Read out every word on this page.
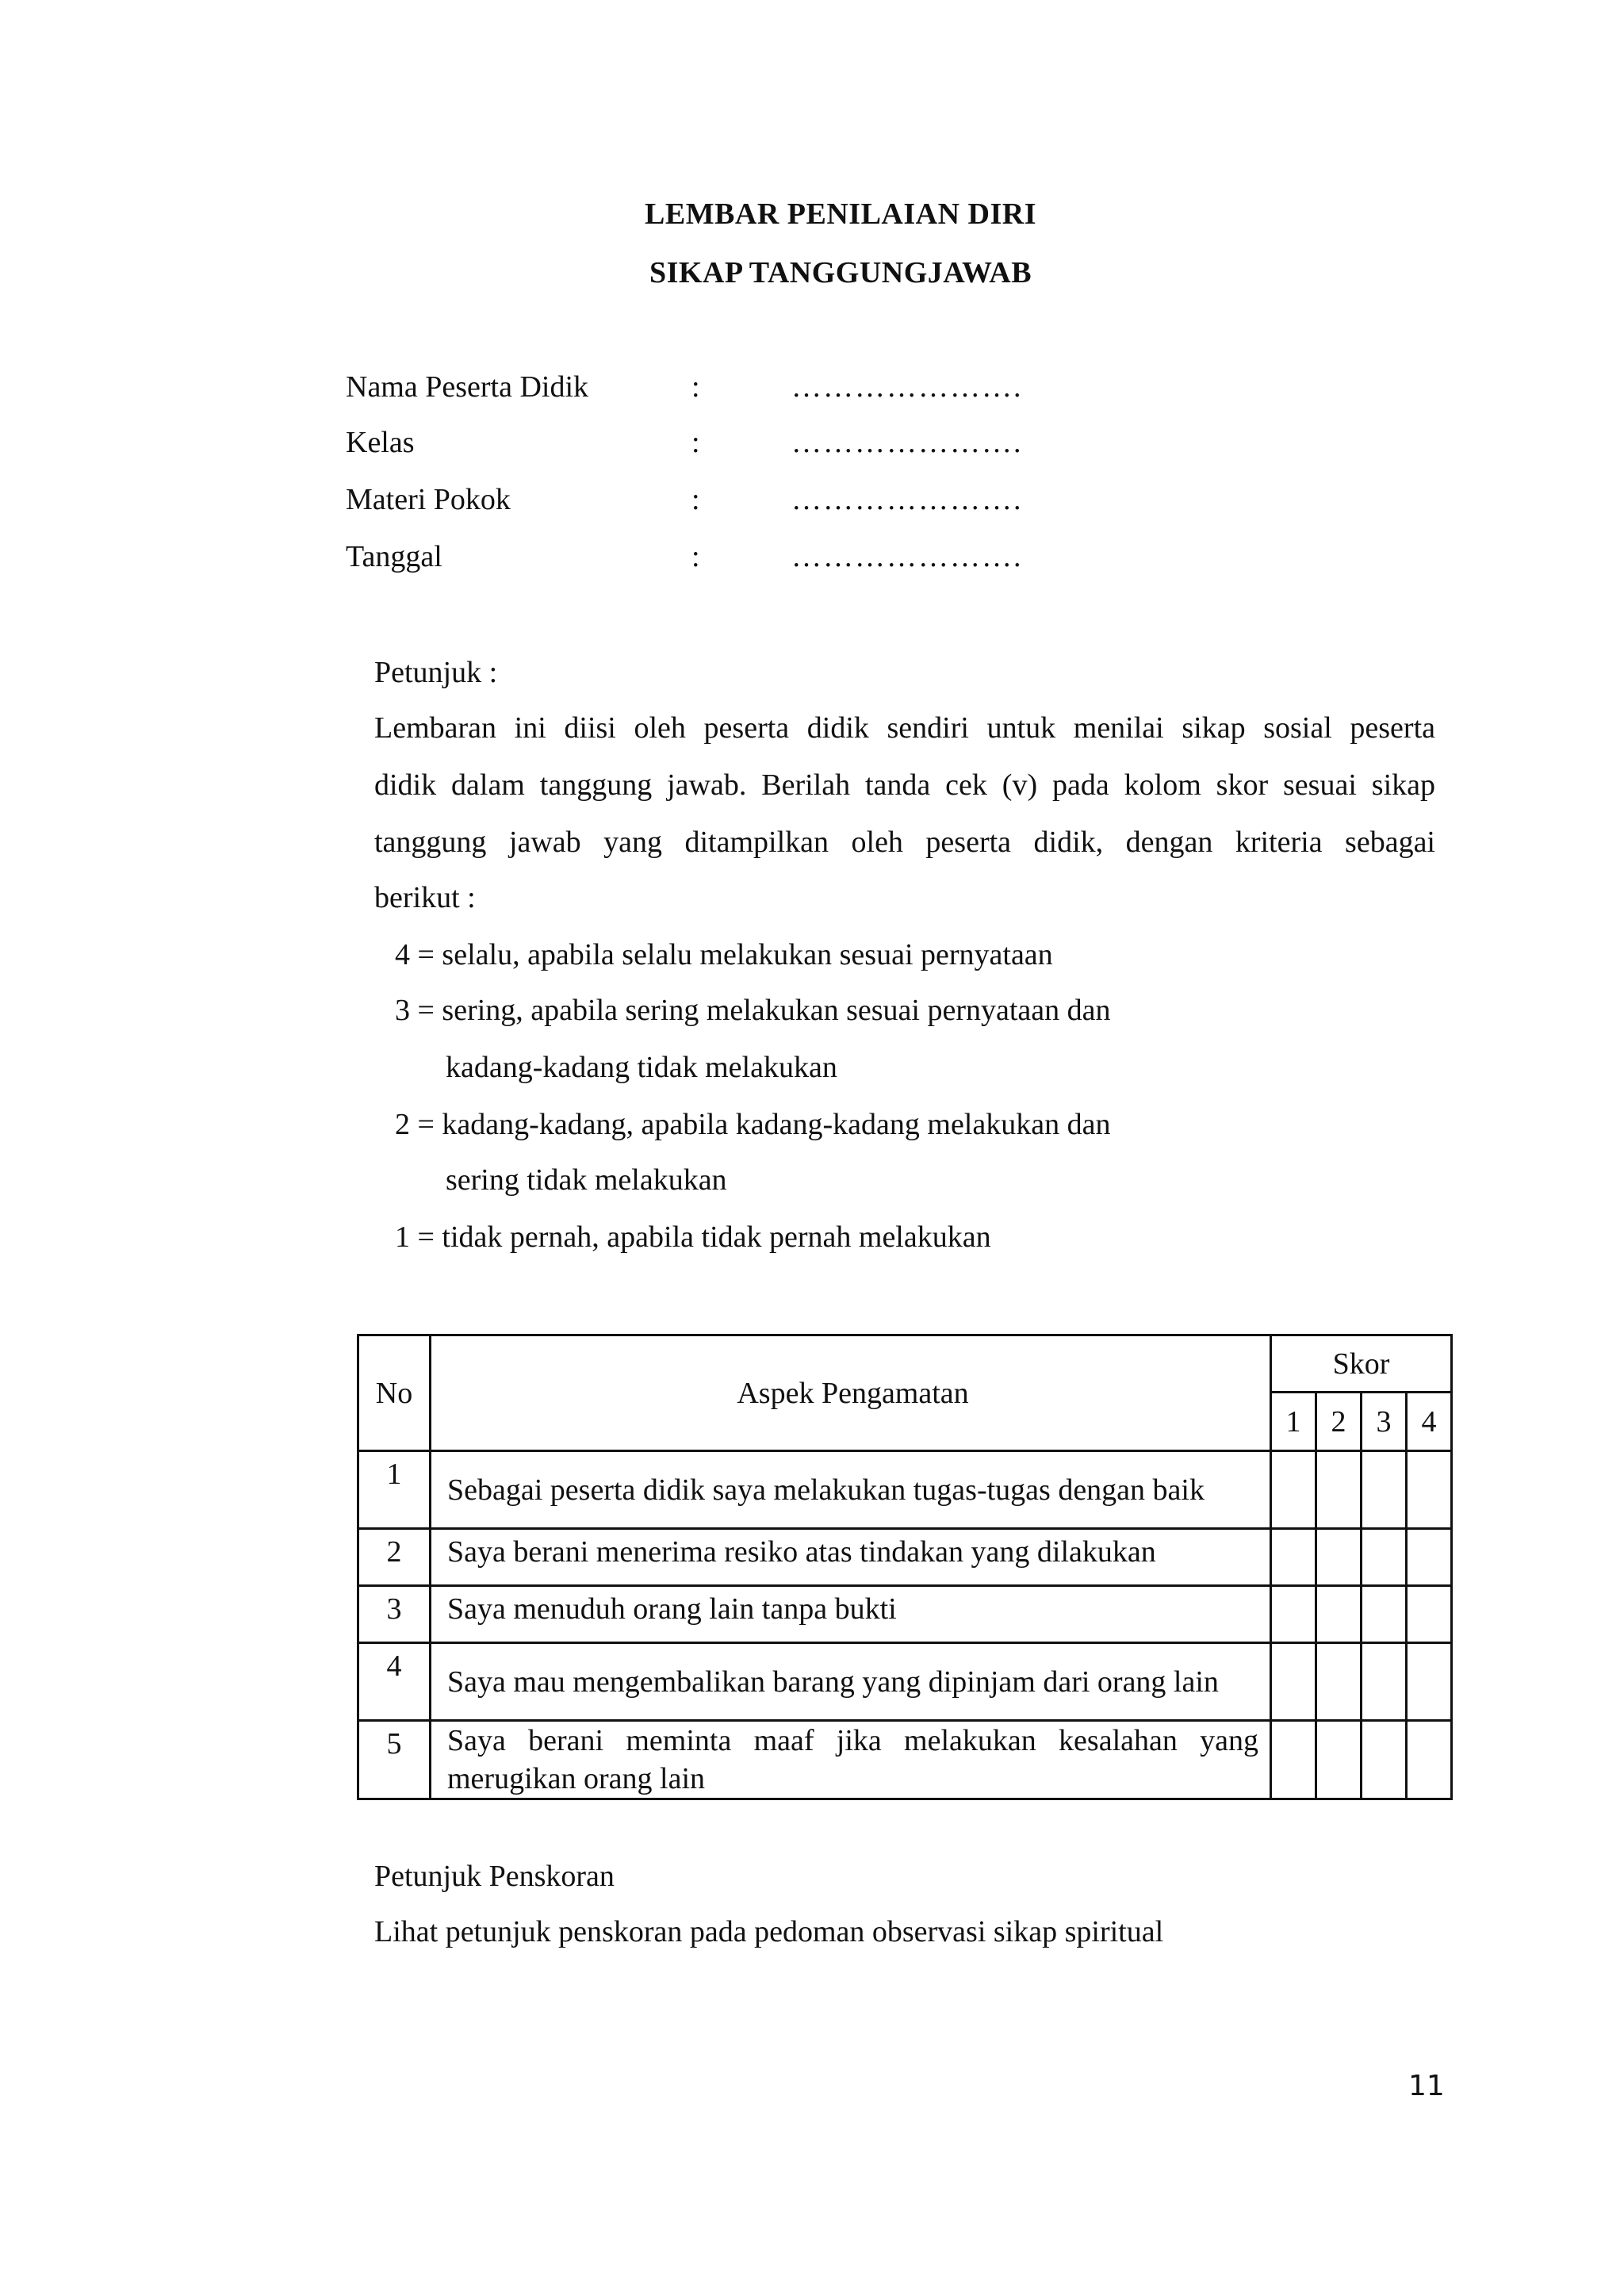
LEMBAR PENILAIAN DIRI
SIKAP TANGGUNGJAWAB
Nama Peserta Didik	:	………………….
Kelas	:	………………….
Materi Pokok	:	………………….
Tanggal	:	………………….
Petunjuk :
Lembaran ini diisi oleh peserta didik sendiri untuk menilai sikap sosial peserta
didik dalam tanggung jawab. Berilah tanda cek (v) pada kolom skor sesuai sikap
tanggung jawab yang ditampilkan oleh peserta didik, dengan kriteria sebagai
berikut :
4 = selalu, apabila selalu melakukan sesuai pernyataan
3 = sering, apabila sering melakukan sesuai pernyataan dan
kadang-kadang tidak melakukan
2 = kadang-kadang, apabila kadang-kadang melakukan dan
sering tidak melakukan
1 = tidak pernah, apabila tidak pernah melakukan
No	Aspek Pengamatan	Skor			
		1	2	3	4
1	Sebagai peserta didik saya melakukan tugas-tugas dengan baik				

2	Saya berani menerima resiko atas tindakan yang dilakukan				

3	Saya menuduh orang lain tanpa bukti				

4	Saya mau mengembalikan barang yang dipinjam dari orang lain				

5	Saya berani meminta maaf jika melakukan kesalahan yang merugikan orang lain				

Petunjuk Penskoran
Lihat petunjuk penskoran pada pedoman observasi sikap spiritual
11
